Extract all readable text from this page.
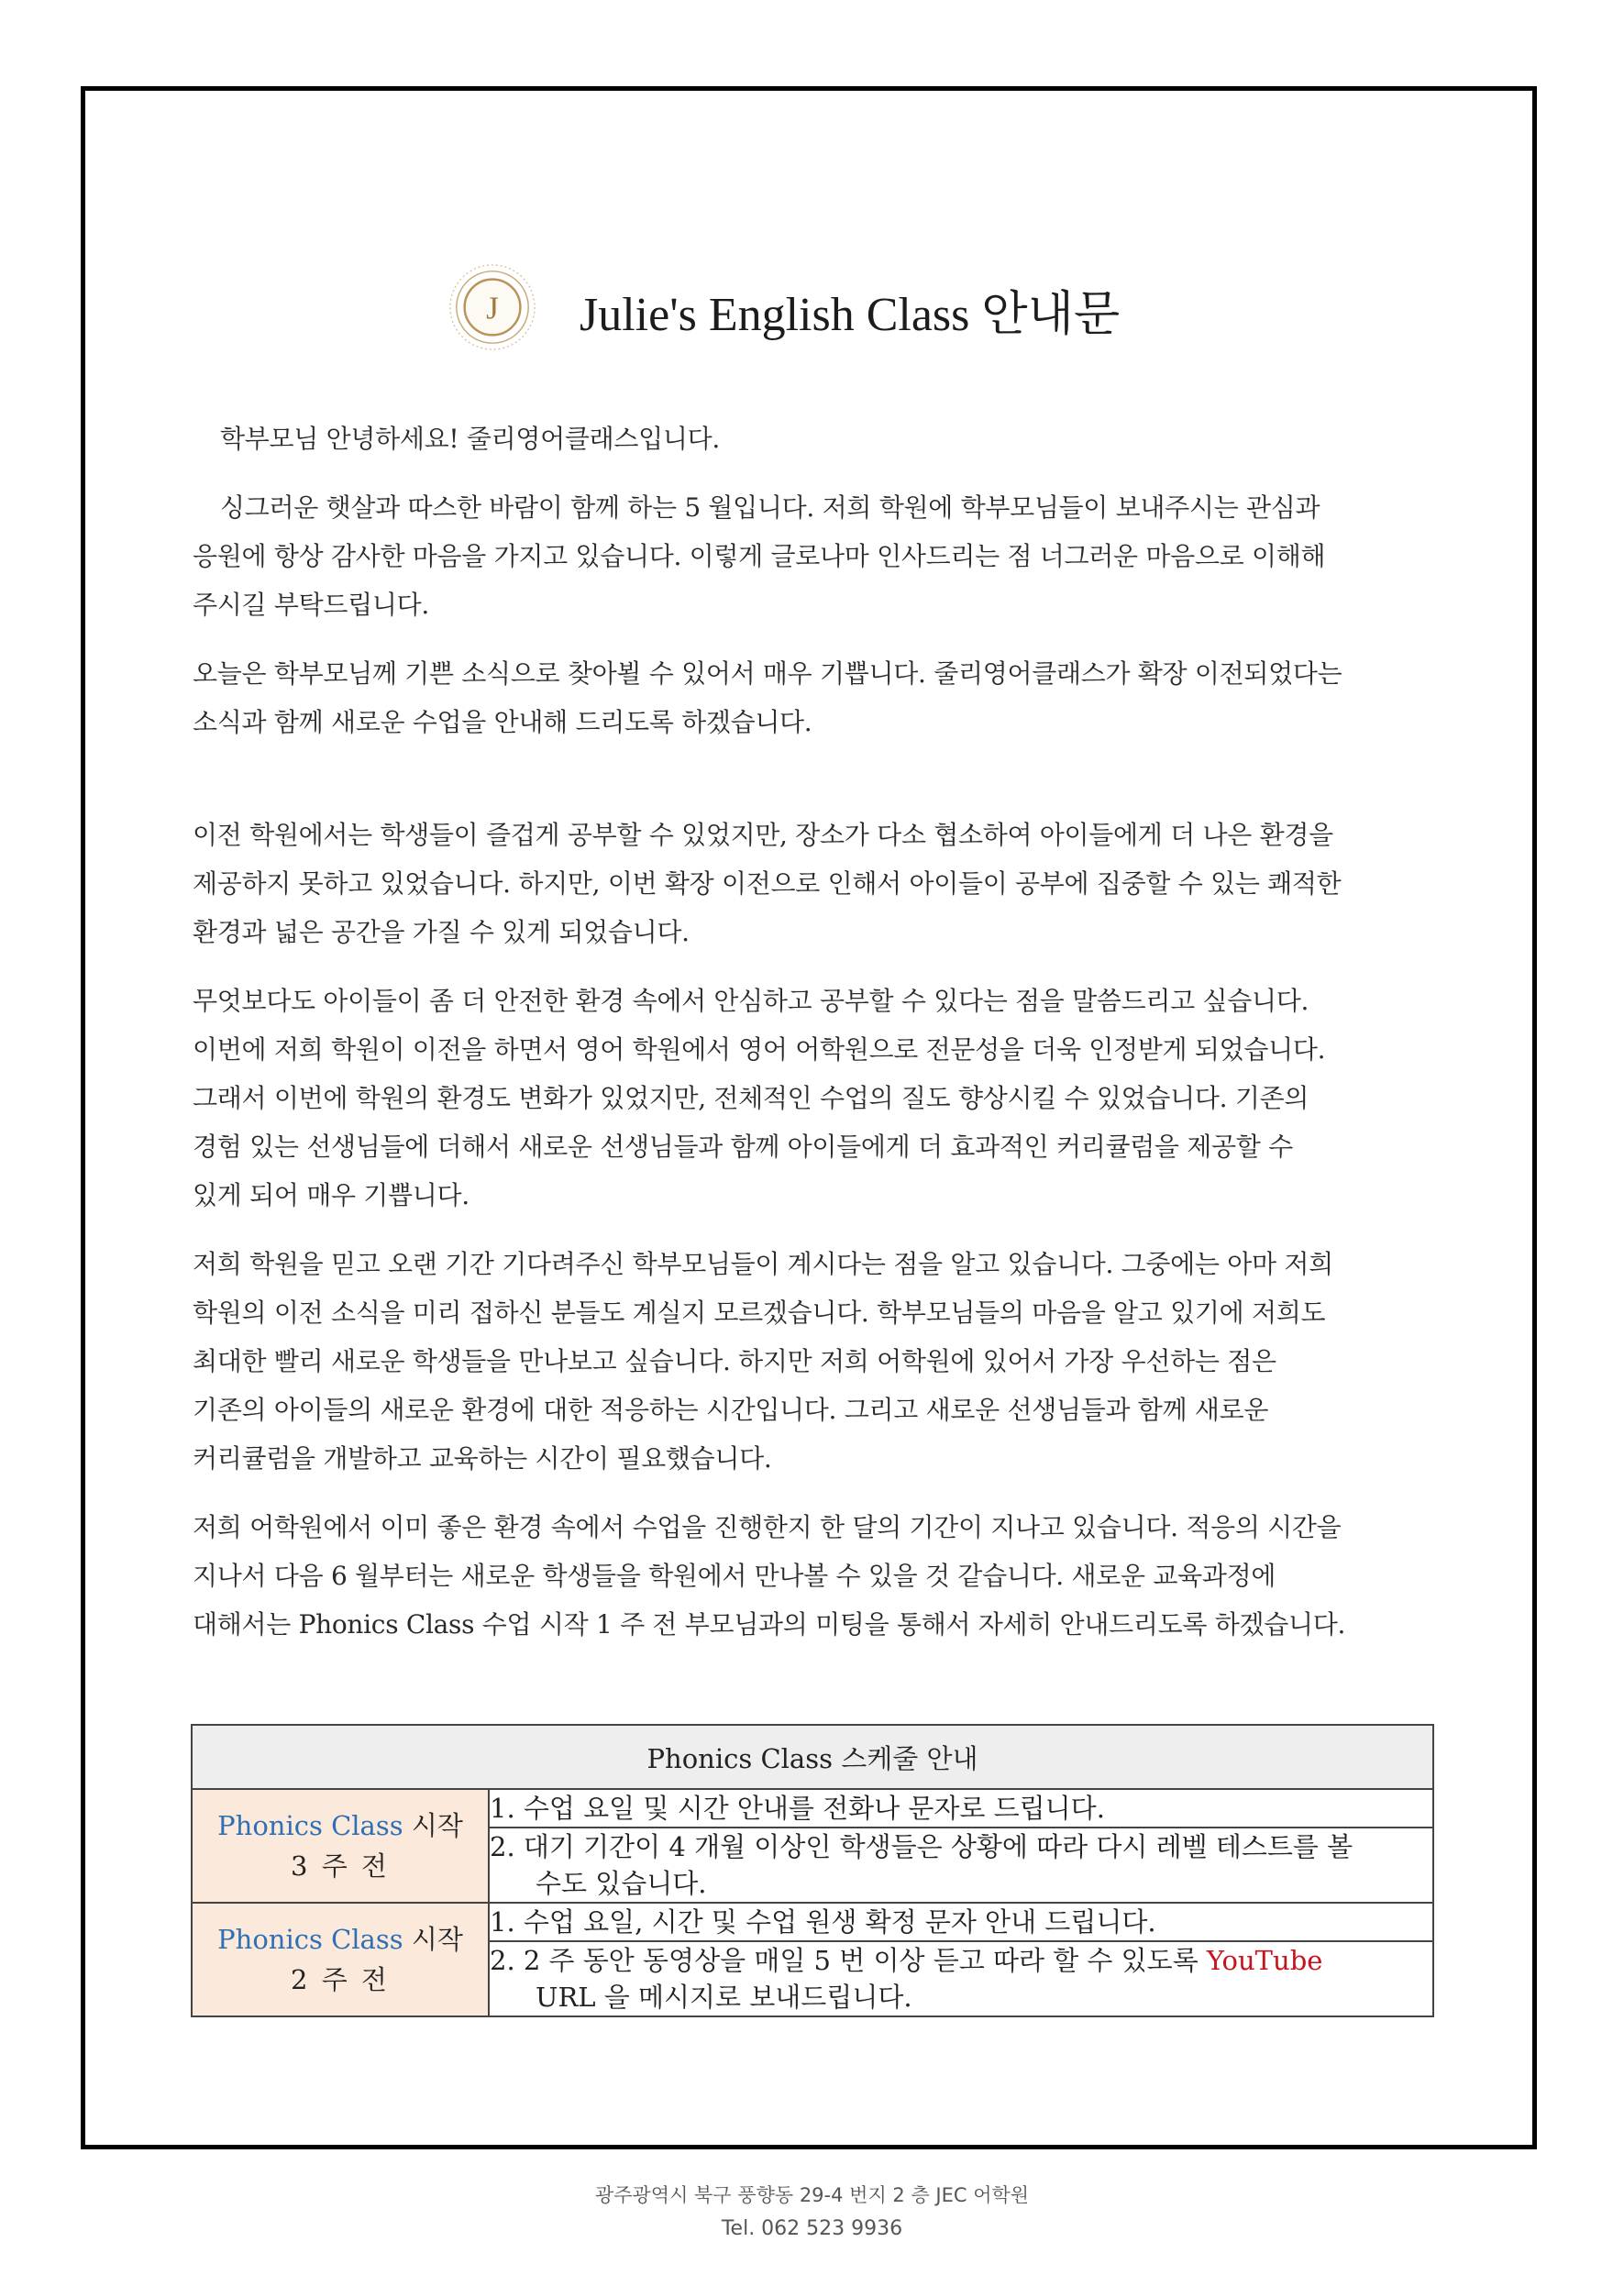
J Julie's English Class 안내문

학부모님 안녕하세요! 줄리영어클래스입니다.

싱그러운 햇살과 따스한 바람이 함께 하는 5 월입니다. 저희 학원에 학부모님들이 보내주시는 관심과
응원에 항상 감사한 마음을 가지고 있습니다. 이렇게 글로나마 인사드리는 점 너그러운 마음으로 이해해
주시길 부탁드립니다.

오늘은 학부모님께 기쁜 소식으로 찾아뵐 수 있어서 매우 기쁩니다. 줄리영어클래스가 확장 이전되었다는
소식과 함께 새로운 수업을 안내해 드리도록 하겠습니다.

이전 학원에서는 학생들이 즐겁게 공부할 수 있었지만, 장소가 다소 협소하여 아이들에게 더 나은 환경을
제공하지 못하고 있었습니다. 하지만, 이번 확장 이전으로 인해서 아이들이 공부에 집중할 수 있는 쾌적한
환경과 넓은 공간을 가질 수 있게 되었습니다.

무엇보다도 아이들이 좀 더 안전한 환경 속에서 안심하고 공부할 수 있다는 점을 말씀드리고 싶습니다.
이번에 저희 학원이 이전을 하면서 영어 학원에서 영어 어학원으로 전문성을 더욱 인정받게 되었습니다.
그래서 이번에 학원의 환경도 변화가 있었지만, 전체적인 수업의 질도 향상시킬 수 있었습니다. 기존의
경험 있는 선생님들에 더해서 새로운 선생님들과 함께 아이들에게 더 효과적인 커리큘럼을 제공할 수
있게 되어 매우 기쁩니다.

저희 학원을 믿고 오랜 기간 기다려주신 학부모님들이 계시다는 점을 알고 있습니다. 그중에는 아마 저희
학원의 이전 소식을 미리 접하신 분들도 계실지 모르겠습니다. 학부모님들의 마음을 알고 있기에 저희도
최대한 빨리 새로운 학생들을 만나보고 싶습니다. 하지만 저희 어학원에 있어서 가장 우선하는 점은
기존의 아이들의 새로운 환경에 대한 적응하는 시간입니다. 그리고 새로운 선생님들과 함께 새로운
커리큘럼을 개발하고 교육하는 시간이 필요했습니다.

저희 어학원에서 이미 좋은 환경 속에서 수업을 진행한지 한 달의 기간이 지나고 있습니다. 적응의 시간을
지나서 다음 6 월부터는 새로운 학생들을 학원에서 만나볼 수 있을 것 같습니다. 새로운 교육과정에
대해서는 Phonics Class 수업 시작 1 주 전 부모님과의 미팅을 통해서 자세히 안내드리도록 하겠습니다.

Phonics Class 스케줄 안내	

Phonics Class 시작
3 주 전	1. 수업 요일 및 시간 안내를 전화나 문자로 드립니다.
	2. 대기 기간이 4 개월 이상인 학생들은 상황에 따라 다시 레벨 테스트를 볼
수도 있습니다.

Phonics Class 시작
2 주 전	1. 수업 요일, 시간 및 수업 원생 확정 문자 안내 드립니다.
	2. 2 주 동안 동영상을 매일 5 번 이상 듣고 따라 할 수 있도록 YouTube
URL 을 메시지로 보내드립니다.
광주광역시 북구 풍향동 29-4 번지 2 층 JEC 어학원
Tel. 062 523 9936
